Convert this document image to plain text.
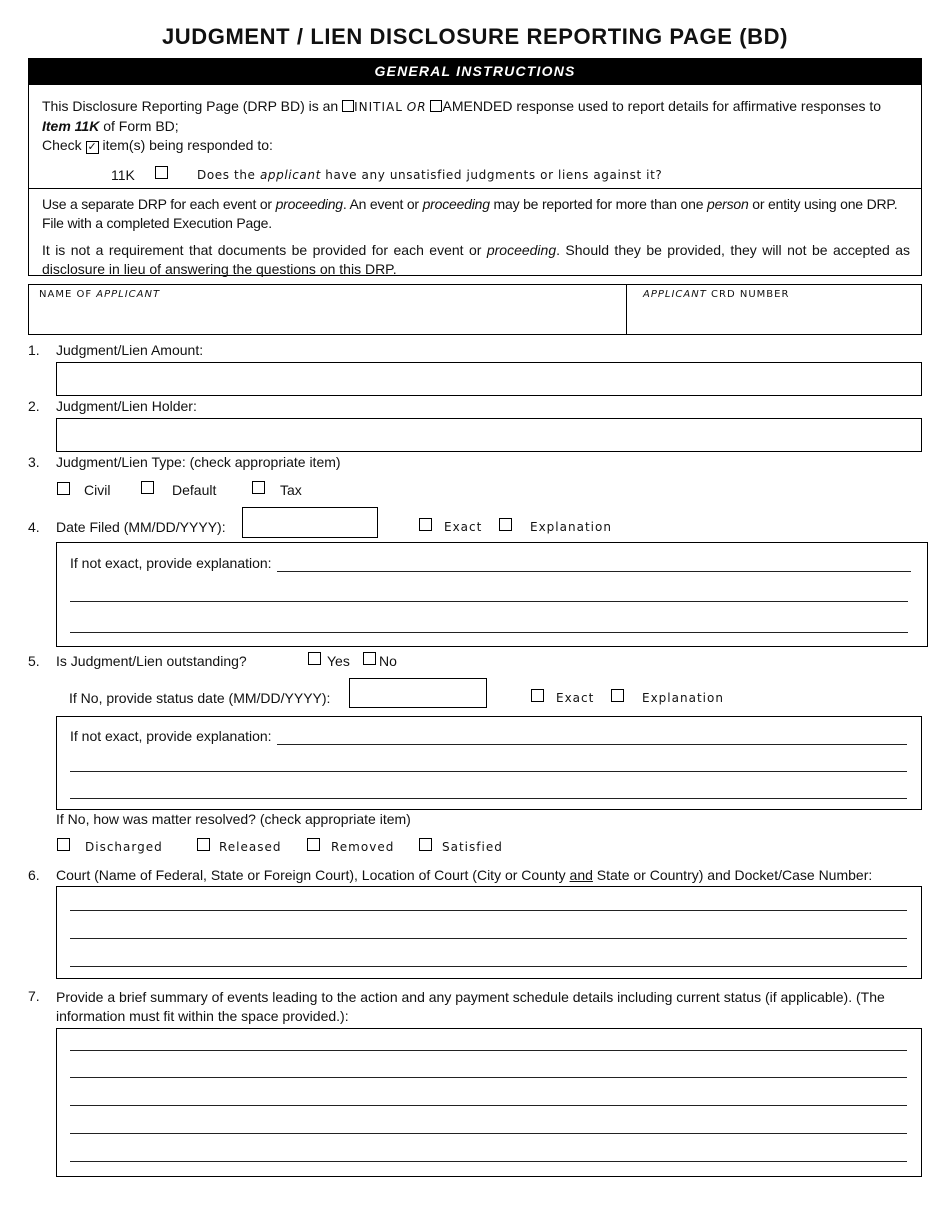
JUDGMENT / LIEN DISCLOSURE REPORTING PAGE (BD)
GENERAL INSTRUCTIONS
This Disclosure Reporting Page (DRP BD) is an INITIAL OR AMENDED response used to report details for affirmative responses to
Item 11K of Form BD;
Check ✓ item(s) being responded to:
11K	Does the applicant have any unsatisfied judgments or liens against it?
Use a separate DRP for each event or proceeding. An event or proceeding may be reported for more than one person or entity using one DRP. File with a completed Execution Page.
It is not a requirement that documents be provided for each event or proceeding. Should they be provided, they will not be accepted as disclosure in lieu of answering the questions on this DRP.
NAME OF APPLICANT	APPLICANT CRD NUMBER
1. Judgment/Lien Amount:
2. Judgment/Lien Holder:
3. Judgment/Lien Type: (check appropriate item)
Civil	Default	Tax
4. Date Filed (MM/DD/YYYY):	Exact	Explanation
If not exact, provide explanation:
5. Is Judgment/Lien outstanding?	Yes No
If No, provide status date (MM/DD/YYYY):	Exact	Explanation
If not exact, provide explanation:
If No, how was matter resolved? (check appropriate item)
Discharged	Released	Removed	Satisfied
6. Court (Name of Federal, State or Foreign Court), Location of Court (City or County and State or Country) and Docket/Case Number:
7. Provide a brief summary of events leading to the action and any payment schedule details including current status (if applicable). (The information must fit within the space provided.):
